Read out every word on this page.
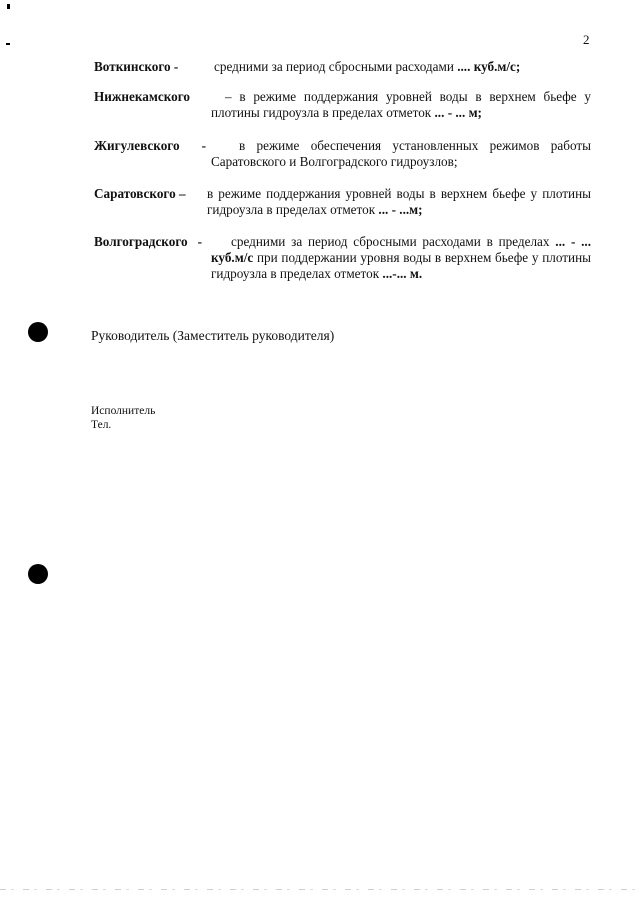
2
Воткинского -	средними за период сбросными расходами .... куб.м/с;
Нижнекамского	– в режиме поддержания уровней воды в верхнем бьефе у плотины гидроузла в пределах отметок ... - ... м;
Жигулевского -	в режиме обеспечения установленных режимов работы Саратовского и Волгоградского гидроузлов;
Саратовского – в режиме поддержания уровней воды в верхнем бьефе у плотины гидроузла в пределах отметок ... - ...м;
Волгоградского -	средними за период сбросными расходами в пределах ... - ... куб.м/с при поддержании уровня воды в верхнем бьефе у плотины гидроузла в пределах отметок ...-... м.
Руководитель (Заместитель руководителя)
Исполнитель
Тел.
